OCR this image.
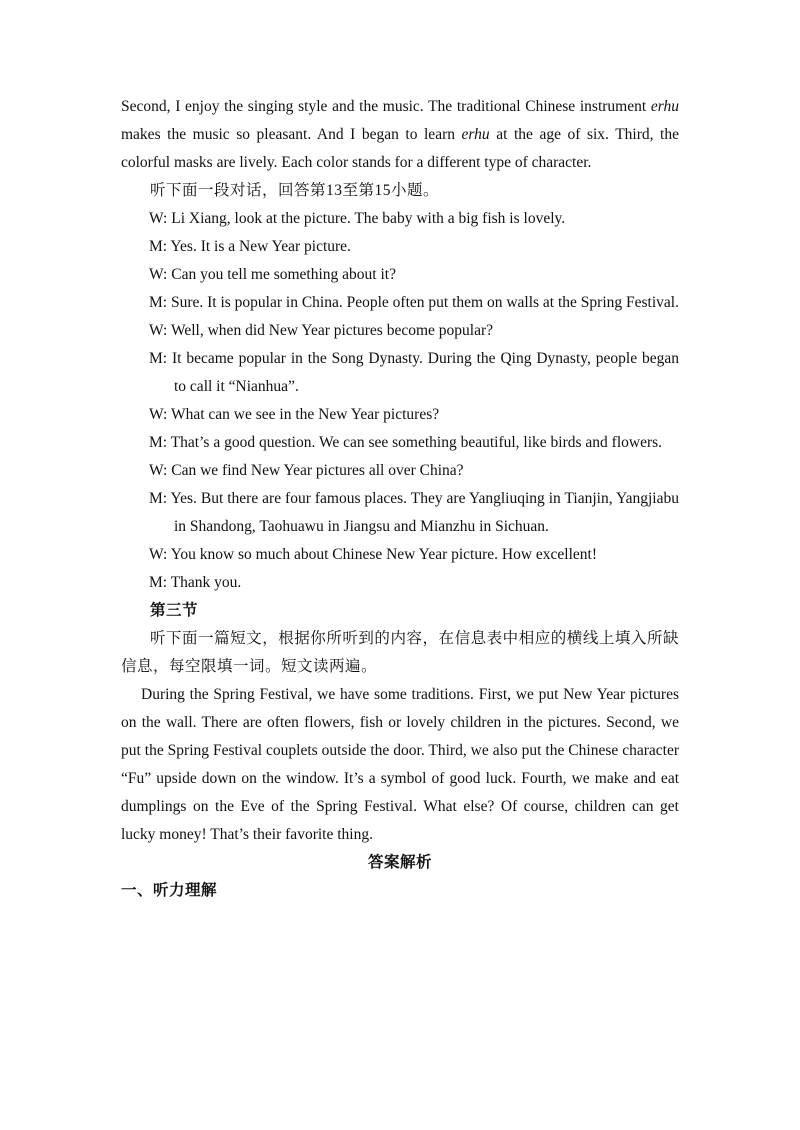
Second, I enjoy the singing style and the music. The traditional Chinese instrument erhu makes the music so pleasant. And I began to learn erhu at the age of six. Third, the colorful masks are lively. Each color stands for a different type of character.

听下面一段对话，回答第13至第15小题。

W: Li Xiang, look at the picture. The baby with a big fish is lovely.

M: Yes. It is a New Year picture.

W: Can you tell me something about it?

M: Sure. It is popular in China. People often put them on walls at the Spring Festival.

W: Well, when did New Year pictures become popular?

M: It became popular in the Song Dynasty. During the Qing Dynasty, people began to call it “Nianhua”.

W: What can we see in the New Year pictures?

M: That’s a good question. We can see something beautiful, like birds and flowers.

W: Can we find New Year pictures all over China?

M: Yes. But there are four famous places. They are Yangliuqing in Tianjin, Yangjiabu in Shandong, Taohuawu in Jiangsu and Mianzhu in Sichuan.

W: You know so much about Chinese New Year picture. How excellent!

M: Thank you.

第三节

听下面一篇短文，根据你所听到的内容，在信息表中相应的横线上填入所缺信息，每空限填一词。短文读两遍。

During the Spring Festival, we have some traditions. First, we put New Year pictures on the wall. There are often flowers, fish or lovely children in the pictures. Second, we put the Spring Festival couplets outside the door. Third, we also put the Chinese character “Fu” upside down on the window. It’s a symbol of good luck. Fourth, we make and eat dumplings on the Eve of the Spring Festival. What else? Of course, children can get lucky money! That’s their favorite thing.

答案解析

一、听力理解
